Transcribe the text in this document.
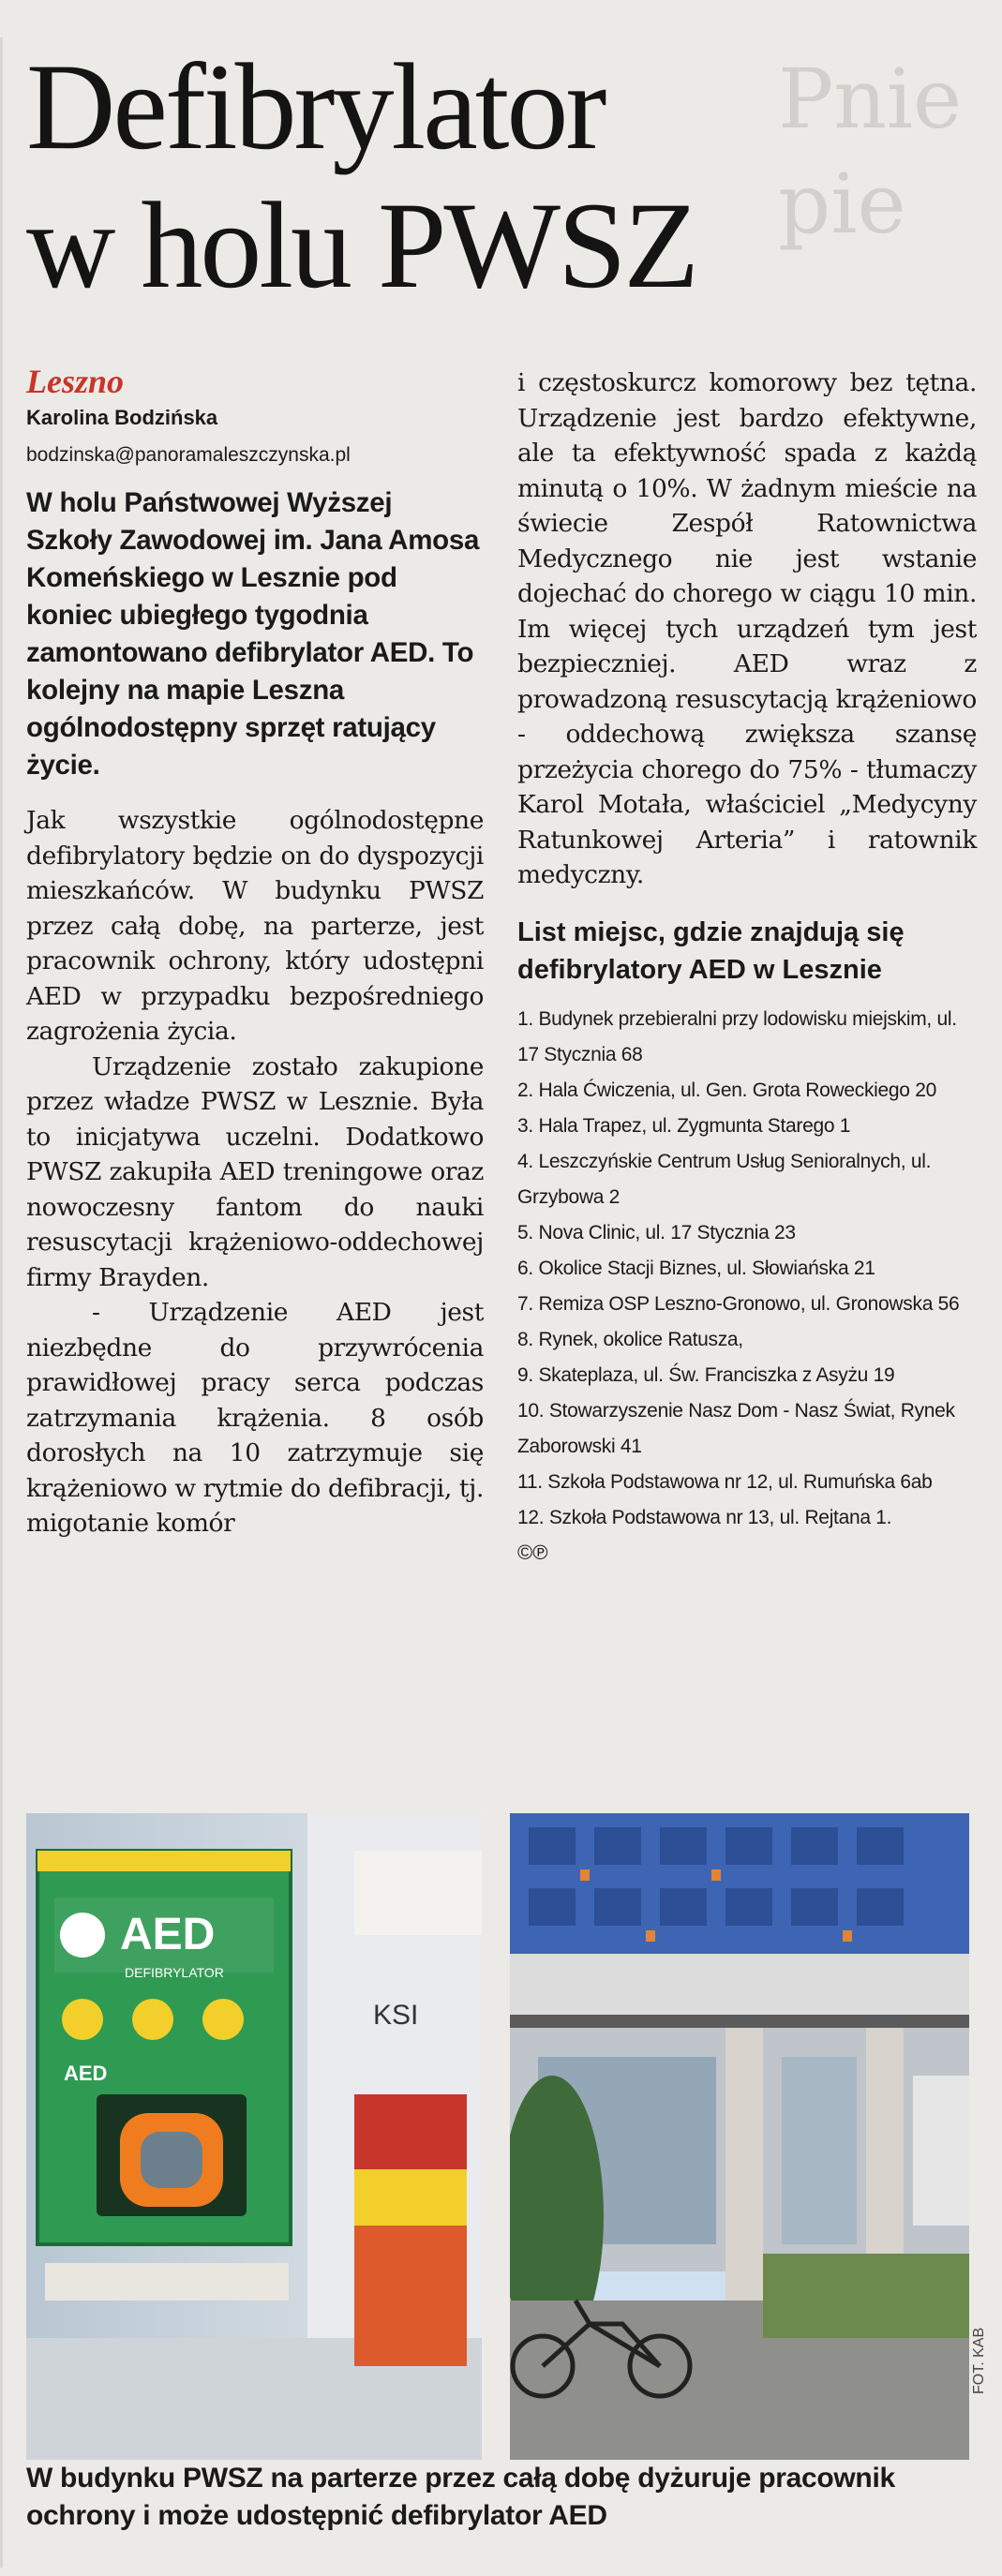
Pnie
pie
Defibrylator
w holu PWSZ
Leszno
Karolina Bodzińska
bodzinska@panoramaleszczynska.pl
W holu Państwowej Wyższej Szkoły Zawodowej im. Jana Amosa Komeńskiego w Lesznie pod koniec ubiegłego tygodnia zamontowano defibrylator AED. To kolejny na mapie Leszna ogólnodostępny sprzęt ratujący życie.

Jak wszystkie ogólnodostępne defibrylatory będzie on do dyspozycji mieszkańców. W budynku PWSZ przez całą dobę, na parterze, jest pracownik ochrony, który udostępni AED w przypadku bezpośredniego zagrożenia życia.

Urządzenie zostało zakupione przez władze PWSZ w Lesznie. Była to inicjatywa uczelni. Dodatkowo PWSZ zakupiła AED treningowe oraz nowoczesny fantom do nauki resuscytacji krążeniowo-oddechowej firmy Brayden.

- Urządzenie AED jest niezbędne do przywrócenia prawidłowej pracy serca podczas zatrzymania krążenia. 8 osób dorosłych na 10 zatrzymuje się krążeniowo w rytmie do defibracji, tj. migotanie komór

i częstoskurcz komorowy bez tętna. Urządzenie jest bardzo efektywne, ale ta efektywność spada z każdą minutą o 10%. W żadnym mieście na świecie Zespół Ratownictwa Medycznego nie jest wstanie dojechać do chorego w ciągu 10 min. Im więcej tych urządzeń tym jest bezpieczniej. AED wraz z prowadzoną resuscytacją krążeniowo - oddechową zwiększa szansę przeżycia chorego do 75% - tłumaczy Karol Motała, właściciel „Medycyny Ratunkowej Arteria” i ratownik medyczny.

List miejsc, gdzie znajdują się defibrylatory AED w Lesznie
1. Budynek przebieralni przy lodowisku miejskim, ul. 17 Stycznia 68
2. Hala Ćwiczenia, ul. Gen. Grota Roweckiego 20
3. Hala Trapez, ul. Zygmunta Starego 1
4. Leszczyńskie Centrum Usług Senioralnych, ul. Grzybowa 2
5. Nova Clinic, ul. 17 Stycznia 23
6. Okolice Stacji Biznes, ul. Słowiańska 21
7. Remiza OSP Leszno-Gronowo, ul. Gronowska 56
8. Rynek, okolice Ratusza,
9. Skateplaza, ul. Św. Franciszka z Asyżu 19
10. Stowarzyszenie Nasz Dom - Nasz Świat, Rynek Zaborowski 41
11. Szkoła Podstawowa nr 12, ul. Rumuńska 6ab
12. Szkoła Podstawowa nr 13, ul. Rejtana 1.
©℗
KSI
AED
DEFIBRYLATOR
AED
FOT. KAB
W budynku PWSZ na parterze przez całą dobę dyżuruje pracownik ochrony i może udostępnić defibrylator AED
